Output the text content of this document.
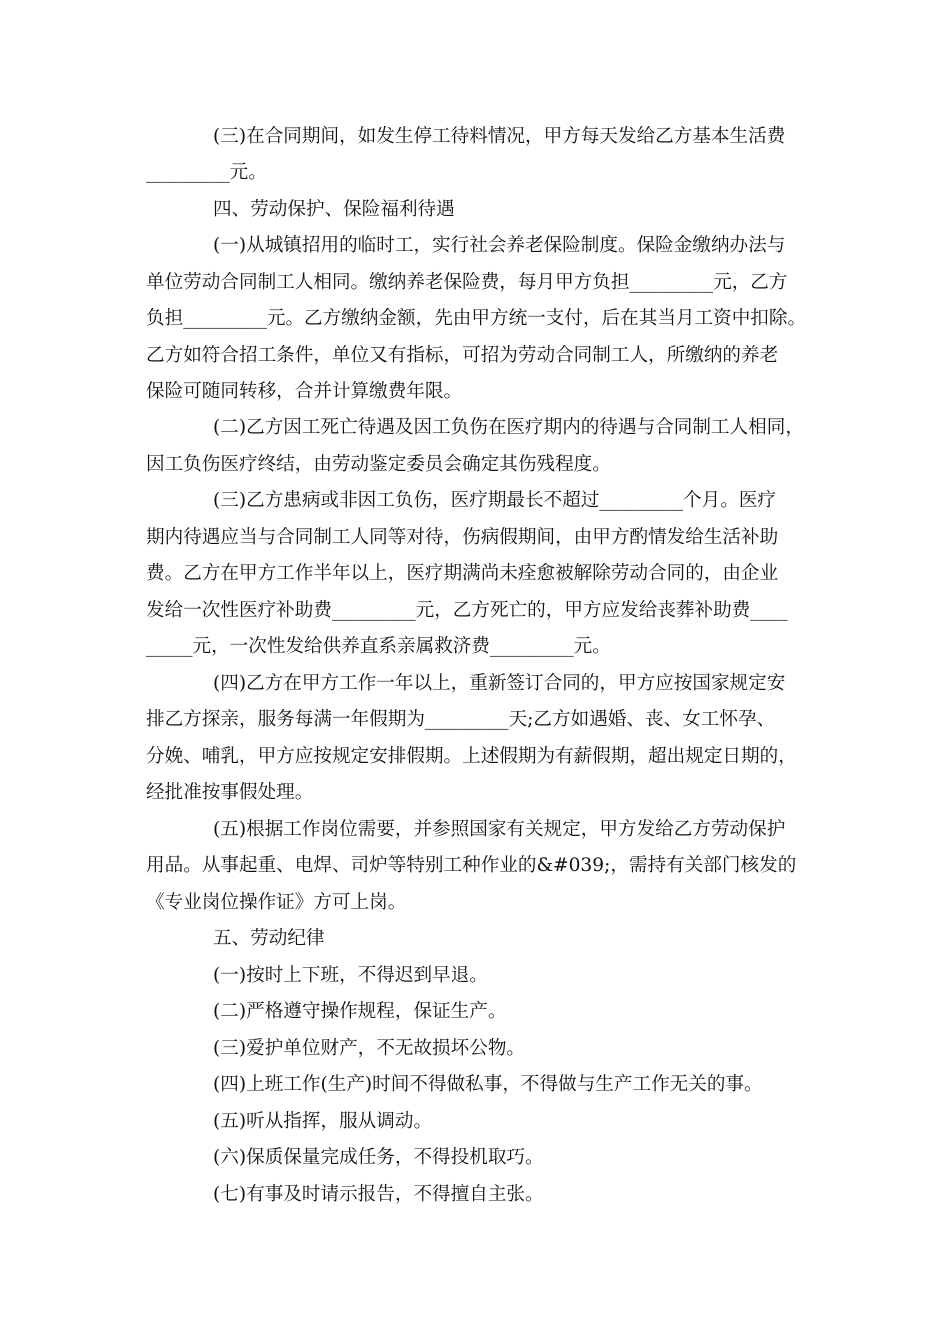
(三)在合同期间，如发生停工待料情况，甲方每天发给乙方基本生活费
_________元。
四、劳动保护、保险福利待遇
(一)从城镇招用的临时工，实行社会养老保险制度。保险金缴纳办法与
单位劳动合同制工人相同。缴纳养老保险费，每月甲方负担_________元，乙方
负担_________元。乙方缴纳金额，先由甲方统一支付，后在其当月工资中扣除。
乙方如符合招工条件，单位又有指标，可招为劳动合同制工人，所缴纳的养老
保险可随同转移，合并计算缴费年限。
(二)乙方因工死亡待遇及因工负伤在医疗期内的待遇与合同制工人相同，
因工负伤医疗终结，由劳动鉴定委员会确定其伤残程度。
(三)乙方患病或非因工负伤，医疗期最长不超过_________个月。医疗
期内待遇应当与合同制工人同等对待，伤病假期间，由甲方酌情发给生活补助
费。乙方在甲方工作半年以上，医疗期满尚未痊愈被解除劳动合同的，由企业
发给一次性医疗补助费_________元，乙方死亡的，甲方应发给丧葬补助费____
_____元，一次性发给供养直系亲属救济费_________元。
(四)乙方在甲方工作一年以上，重新签订合同的，甲方应按国家规定安
排乙方探亲，服务每满一年假期为_________天;乙方如遇婚、丧、女工怀孕、
分娩、哺乳，甲方应按规定安排假期。上述假期为有薪假期，超出规定日期的，
经批准按事假处理。
(五)根据工作岗位需要，并参照国家有关规定，甲方发给乙方劳动保护
用品。从事起重、电焊、司炉等特别工种作业的&#039;，需持有关部门核发的
《专业岗位操作证》方可上岗。
五、劳动纪律
(一)按时上下班，不得迟到早退。
(二)严格遵守操作规程，保证生产。
(三)爱护单位财产，不无故损坏公物。
(四)上班工作(生产)时间不得做私事，不得做与生产工作无关的事。
(五)听从指挥，服从调动。
(六)保质保量完成任务，不得投机取巧。
(七)有事及时请示报告，不得擅自主张。
